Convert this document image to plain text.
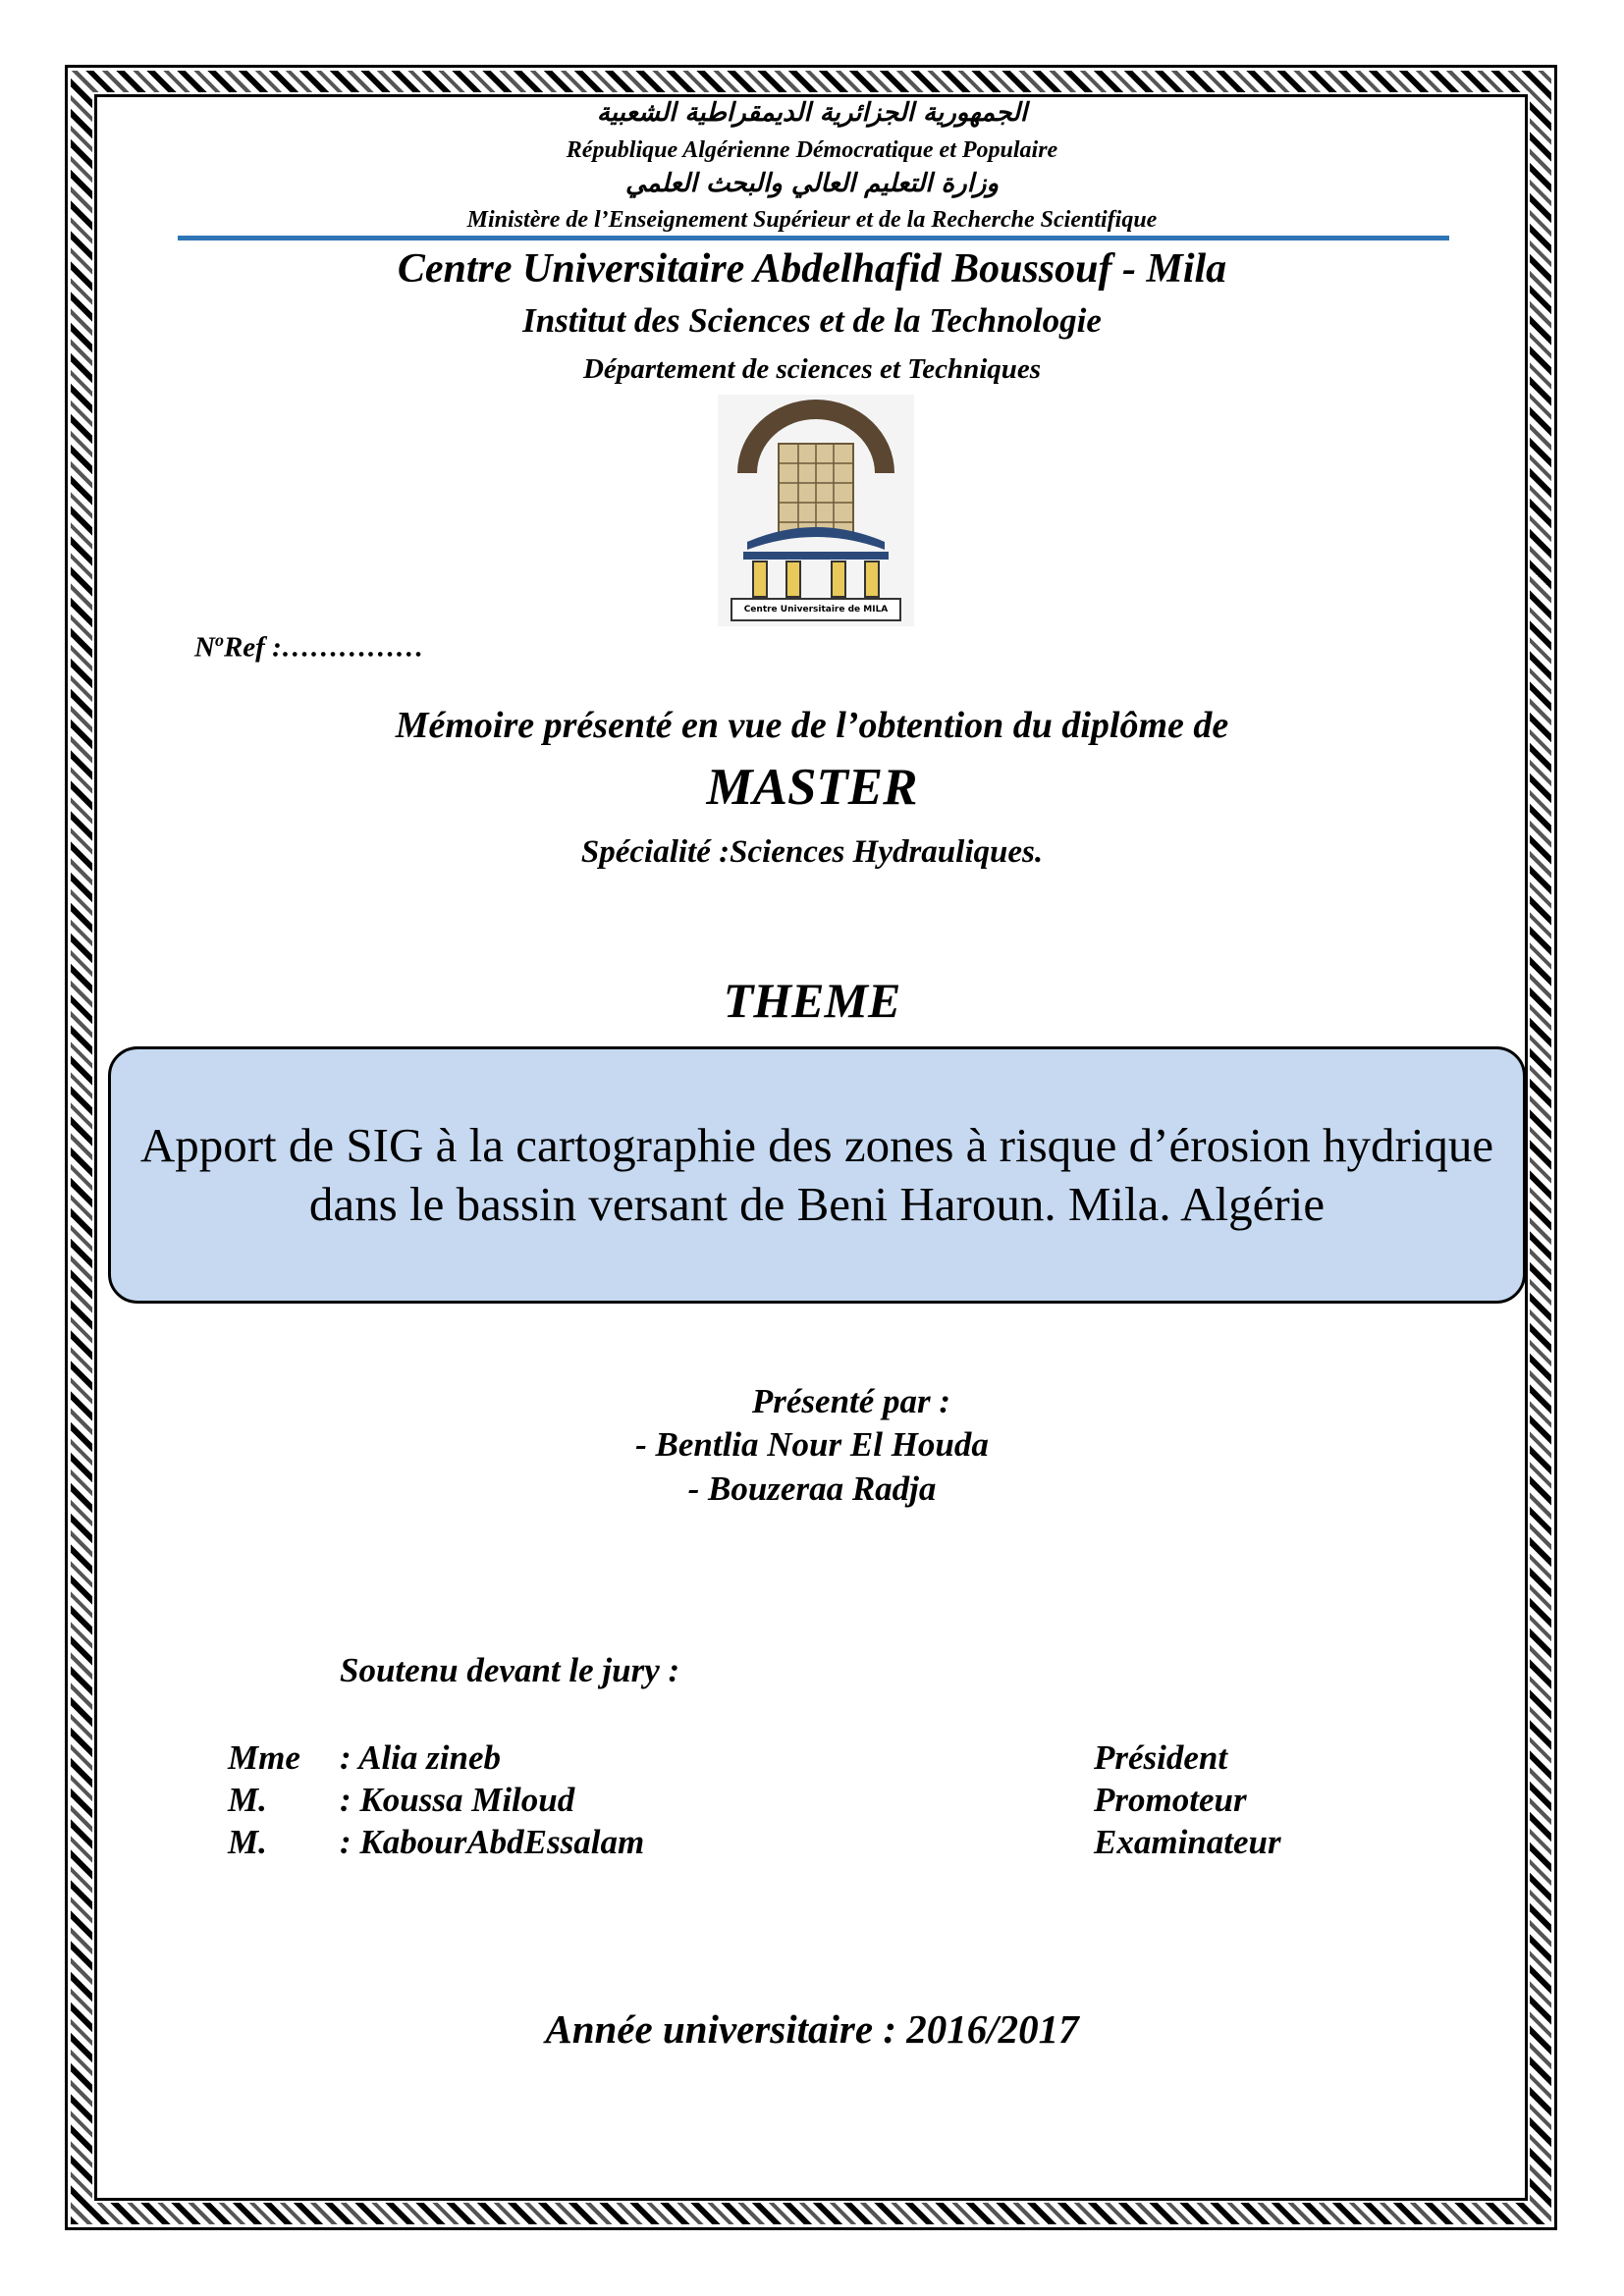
الجمهورية الجزائرية الديمقراطية الشعبية
République Algérienne Démocratique et Populaire
وزارة التعليم العالي والبحث العلمي
Ministère de l’Enseignement Supérieur et de la Recherche Scientifique
Centre Universitaire Abdelhafid Boussouf - Mila
Institut des Sciences et de la Technologie
Département de sciences et Techniques
Centre Universitaire de MILA
$N^oRef$ :……………
Mémoire présenté en vue de l’obtention du diplôme de
MASTER
Spécialité :Sciences Hydrauliques.
THEME
Apport de SIG à la cartographie des zones à risque d’érosion hydrique dans le bassin versant de Beni Haroun. Mila. Algérie
Présenté par :
- Bentlia Nour El Houda
- Bouzeraa Radja
Soutenu devant le jury :
Mme : Alia zineb	Président
M. : Koussa Miloud	Promoteur
M. : KabourAbdEssalam	Examinateur
Année universitaire : 2016/2017
